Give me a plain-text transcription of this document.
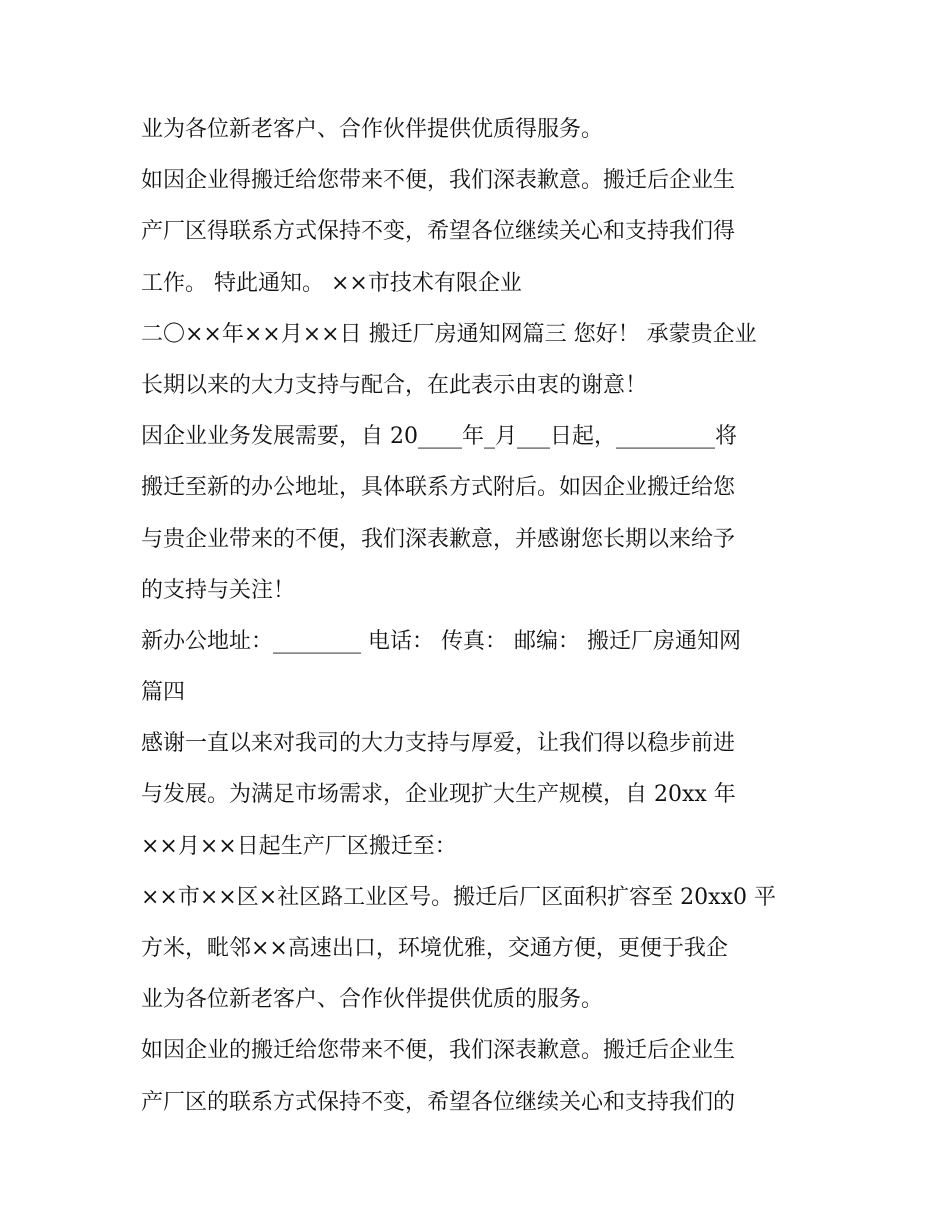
业为各位新老客户、合作伙伴提供优质得服务。

如因企业得搬迁给您带来不便，我们深表歉意。搬迁后企业生

产厂区得联系方式保持不变，希望各位继续关心和支持我们得

工作。 特此通知。 ××市技术有限企业

二〇××年××月××日 搬迁厂房通知网篇三 您好！ 承蒙贵企业

长期以来的大力支持与配合，在此表示由衷的谢意！

因企业业务发展需要，自 20____年_月___日起，_________将

搬迁至新的办公地址，具体联系方式附后。如因企业搬迁给您

与贵企业带来的不便，我们深表歉意，并感谢您长期以来给予

的支持与关注！

新办公地址：________ 电话： 传真： 邮编： 搬迁厂房通知网

篇四

感谢一直以来对我司的大力支持与厚爱，让我们得以稳步前进

与发展。为满足市场需求，企业现扩大生产规模，自 20xx 年

××月××日起生产厂区搬迁至：

××市××区×社区路工业区号。搬迁后厂区面积扩容至 20xx0 平

方米，毗邻××高速出口，环境优雅，交通方便，更便于我企

业为各位新老客户、合作伙伴提供优质的服务。

如因企业的搬迁给您带来不便，我们深表歉意。搬迁后企业生

产厂区的联系方式保持不变，希望各位继续关心和支持我们的
